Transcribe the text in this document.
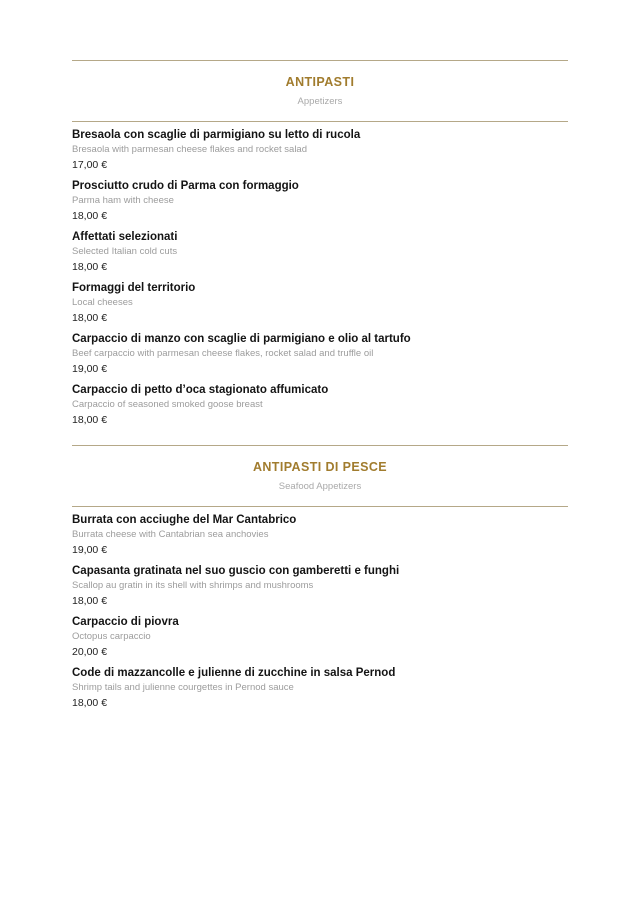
ANTIPASTI
Appetizers
Bresaola con scaglie di parmigiano su letto di rucola
Bresaola with parmesan cheese flakes and rocket salad
17,00 €
Prosciutto crudo di Parma con formaggio
Parma ham with cheese
18,00 €
Affettati selezionati
Selected Italian cold cuts
18,00 €
Formaggi del territorio
Local cheeses
18,00 €
Carpaccio di manzo con scaglie di parmigiano e olio al tartufo
Beef carpaccio with parmesan cheese flakes, rocket salad and truffle oil
19,00 €
Carpaccio di petto d’oca stagionato affumicato
Carpaccio of seasoned smoked goose breast
18,00 €
ANTIPASTI DI PESCE
Seafood Appetizers
Burrata con acciughe del Mar Cantabrico
Burrata cheese with Cantabrian sea anchovies
19,00 €
Capasanta gratinata nel suo guscio con gamberetti e funghi
Scallop au gratin in its shell with shrimps and mushrooms
18,00 €
Carpaccio di piovra
Octopus carpaccio
20,00 €
Code di mazzancolle e julienne di zucchine in salsa Pernod
Shrimp tails and julienne courgettes in Pernod sauce
18,00 €
